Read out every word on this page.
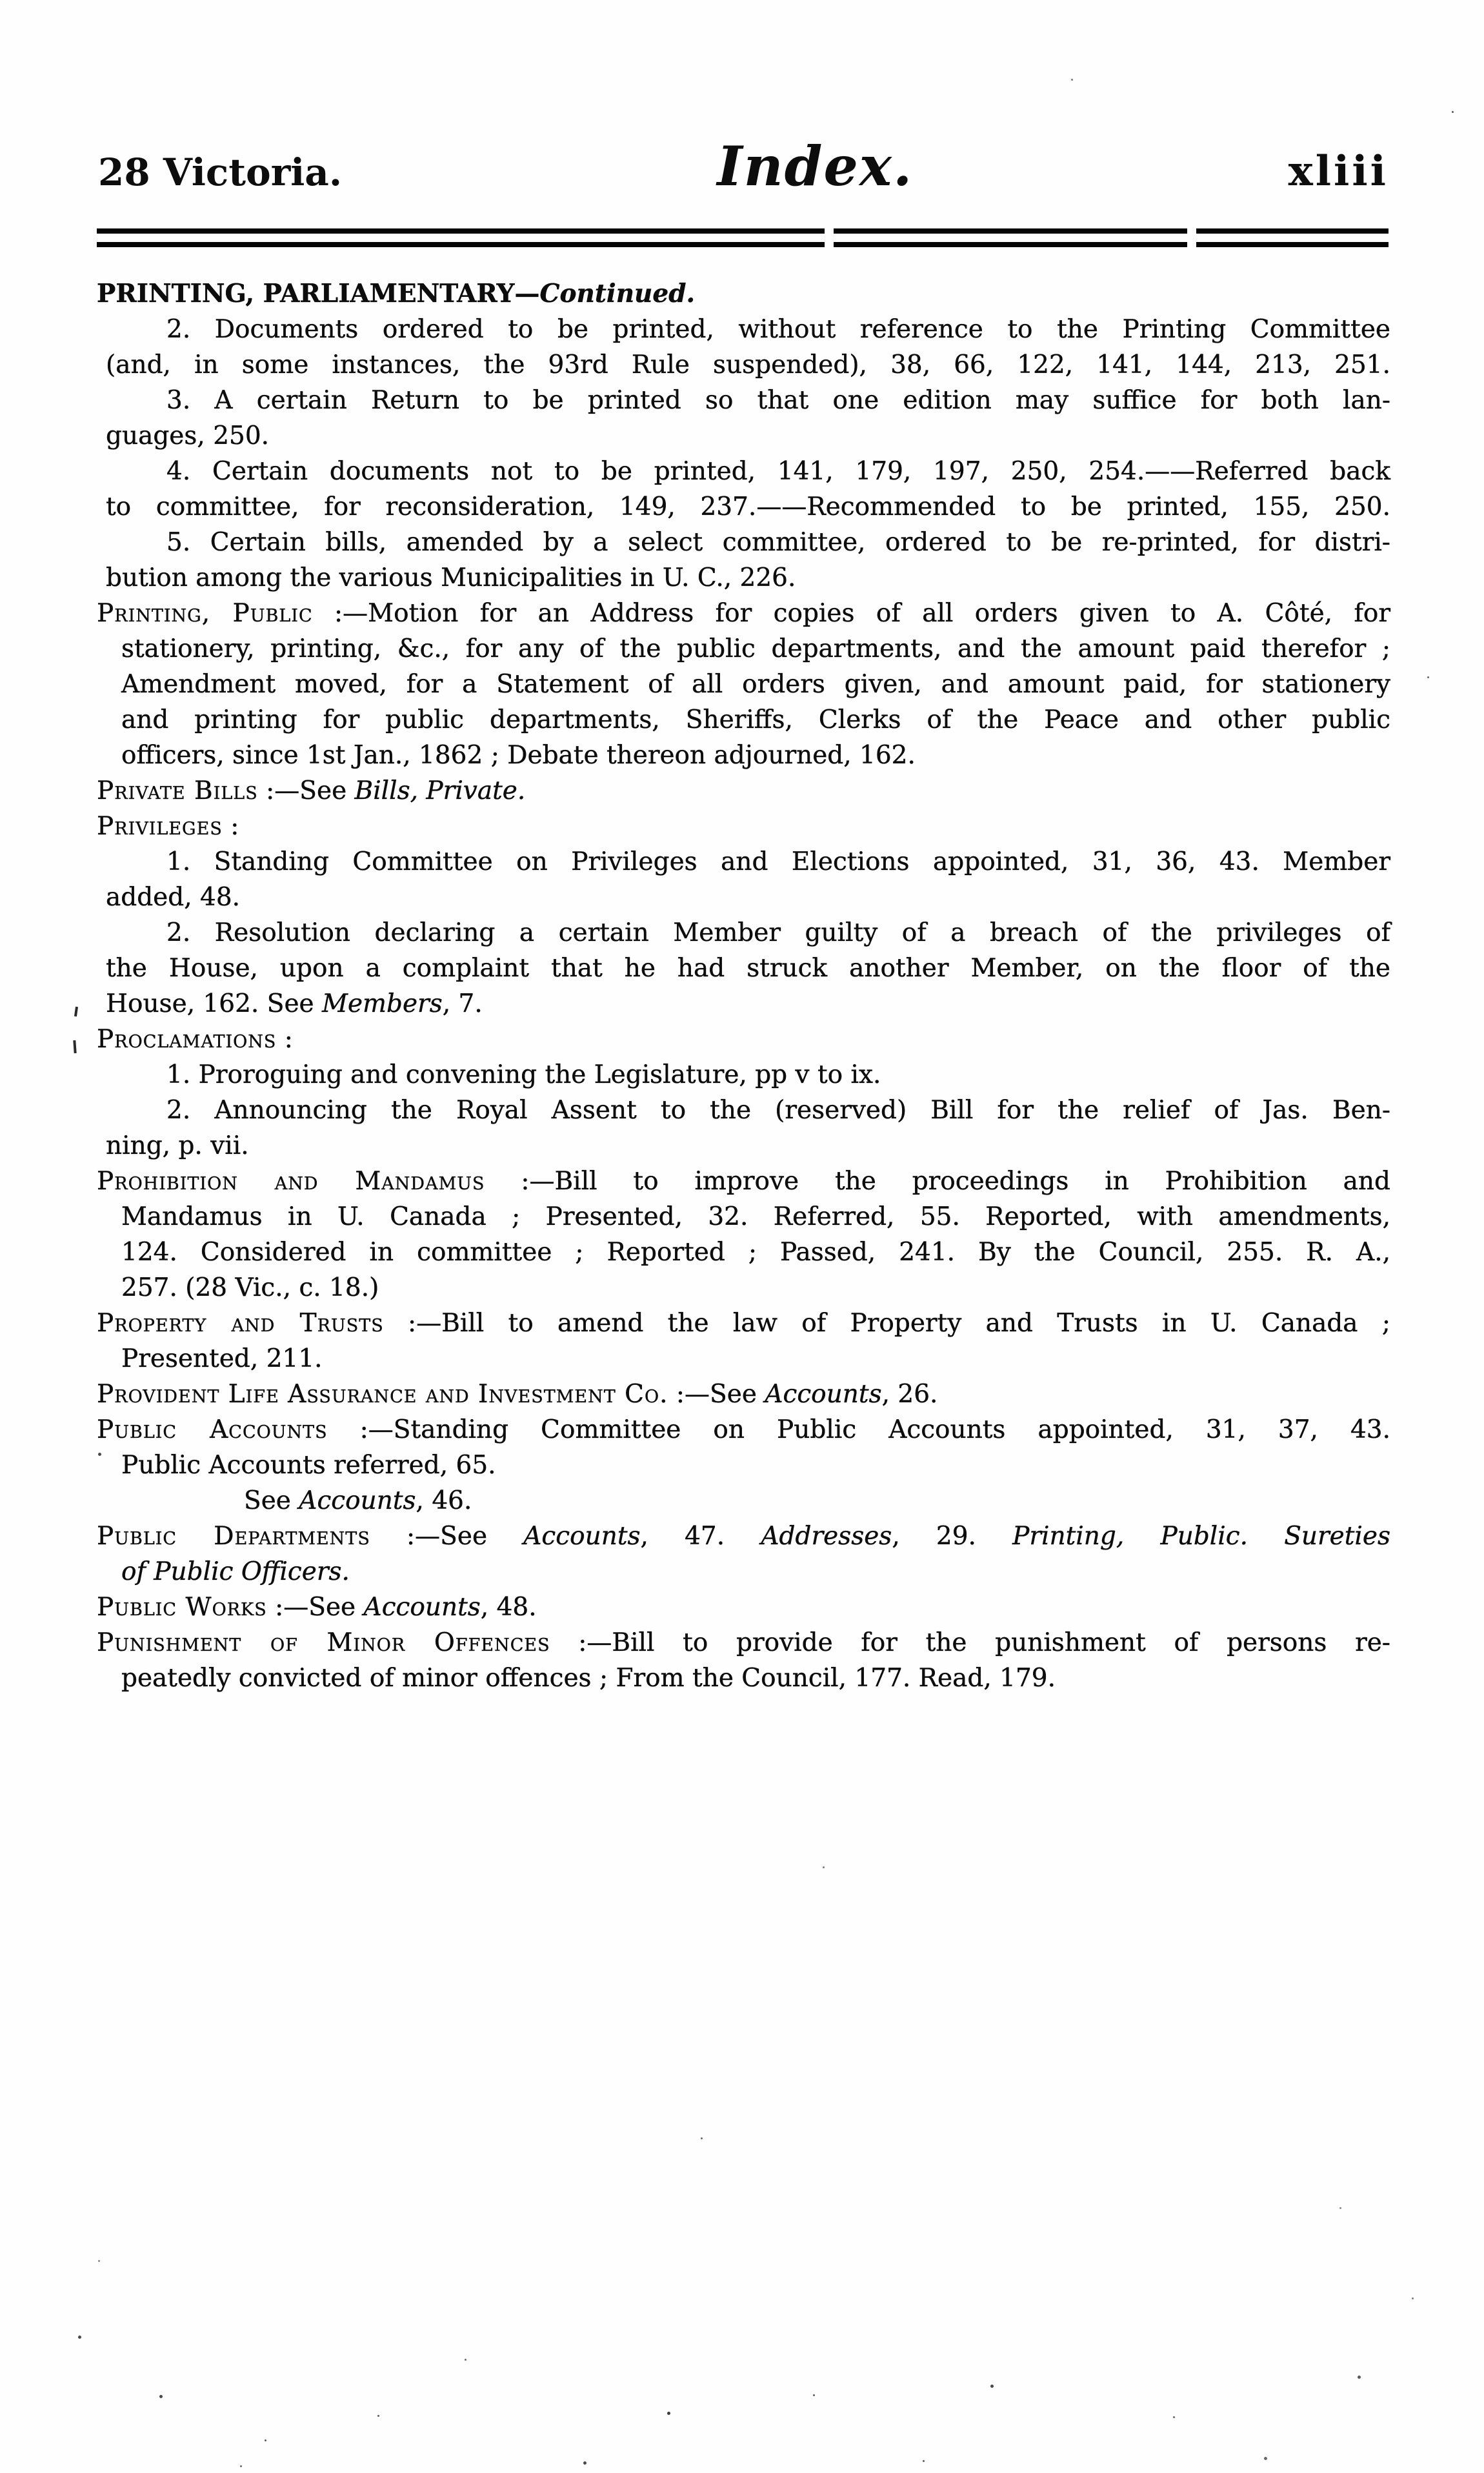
28 Victoria.	Index.	xliii

PRINTING, PARLIAMENTARY—Continued.

2. Documents ordered to be printed, without reference to the Printing Committee
(and, in some instances, the 93rd Rule suspended), 38, 66, 122, 141, 144, 213, 251.

3. A certain Return to be printed so that one edition may suffice for both lan-
guages, 250.

4. Certain documents not to be printed, 141, 179, 197, 250, 254.——Referred back
to committee, for reconsideration, 149, 237.——Recommended to be printed, 155, 250.

5. Certain bills, amended by a select committee, ordered to be re-printed, for distri-
bution among the various Municipalities in U. C., 226.

Printing, Public :—Motion for an Address for copies of all orders given to A. Côté, for
stationery, printing, &c., for any of the public departments, and the amount paid therefor ;
Amendment moved, for a Statement of all orders given, and amount paid, for stationery
and printing for public departments, Sheriffs, Clerks of the Peace and other public
officers, since 1st Jan., 1862 ; Debate thereon adjourned, 162.

Private Bills :—See Bills, Private.

Privileges :

1. Standing Committee on Privileges and Elections appointed, 31, 36, 43. Member
added, 48.

2. Resolution declaring a certain Member guilty of a breach of the privileges of
the House, upon a complaint that he had struck another Member, on the floor of the
House, 162. See Members, 7.

Proclamations :

1. Proroguing and convening the Legislature, pp v to ix.

2. Announcing the Royal Assent to the (reserved) Bill for the relief of Jas. Ben-
ning, p. vii.

Prohibition and Mandamus :—Bill to improve the proceedings in Prohibition and
Mandamus in U. Canada ; Presented, 32. Referred, 55. Reported, with amendments,
124. Considered in committee ; Reported ; Passed, 241. By the Council, 255. R. A.,
257. (28 Vic., c. 18.)

Property and Trusts :—Bill to amend the law of Property and Trusts in U. Canada ;
Presented, 211.

Provident Life Assurance and Investment Co. :—See Accounts, 26.

Public Accounts :—Standing Committee on Public Accounts appointed, 31, 37, 43.
Public Accounts referred, 65.

See Accounts, 46.

Public Departments :—See Accounts, 47. Addresses, 29. Printing, Public. Sureties
of Public Officers.

Public Works :—See Accounts, 48.

Punishment of Minor Offences :—Bill to provide for the punishment of persons re-
peatedly convicted of minor offences ; From the Council, 177. Read, 179.
